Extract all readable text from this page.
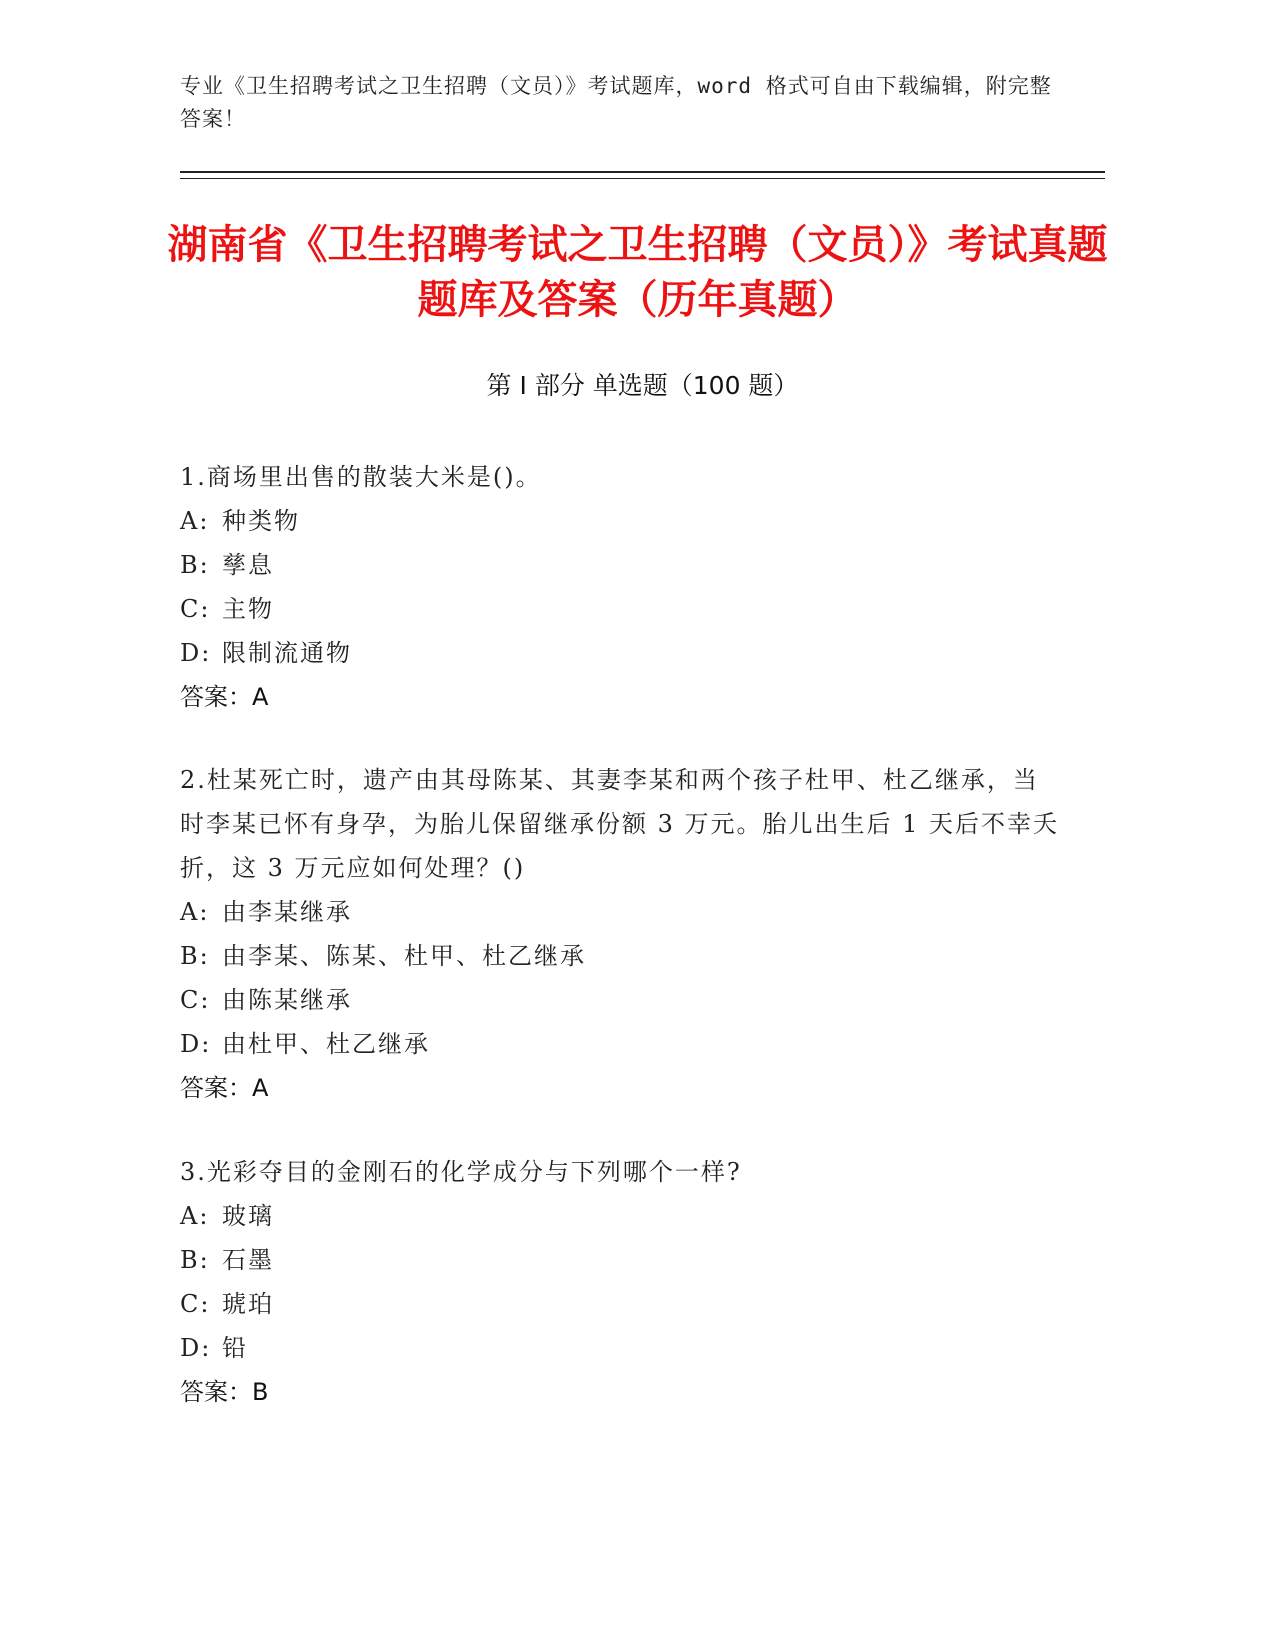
专业《卫生招聘考试之卫生招聘（文员）》考试题库，word 格式可自由下载编辑，附完整答案！
湖南省《卫生招聘考试之卫生招聘（文员）》考试真题题库及答案（历年真题）
第 I 部分 单选题（100 题）

1.商场里出售的散装大米是()。

A: 种类物

B: 孳息

C: 主物

D: 限制流通物

答案：A

2.杜某死亡时，遗产由其母陈某、其妻李某和两个孩子杜甲、杜乙继承，当时李某已怀有身孕，为胎儿保留继承份额 3 万元。胎儿出生后 1 天后不幸夭折，这 3 万元应如何处理？()

A: 由李某继承

B: 由李某、陈某、杜甲、杜乙继承

C: 由陈某继承

D: 由杜甲、杜乙继承

答案：A

3.光彩夺目的金刚石的化学成分与下列哪个一样?

A: 玻璃

B: 石墨

C: 琥珀

D: 铅

答案：B
